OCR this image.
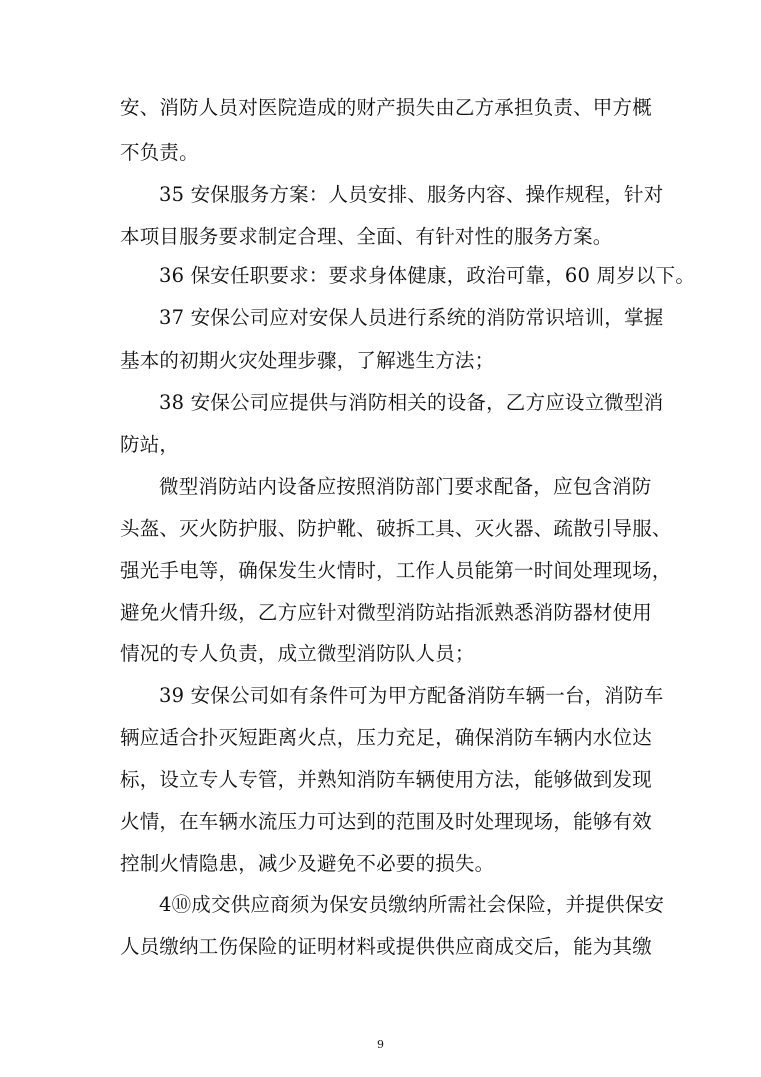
安、消防人员对医院造成的财产损失由乙方承担负责、甲方概
不负责。
35 安保服务方案：人员安排、服务内容、操作规程，针对
本项目服务要求制定合理、全面、有针对性的服务方案。
36 保安任职要求：要求身体健康，政治可靠，60 周岁以下。
37 安保公司应对安保人员进行系统的消防常识培训，掌握
基本的初期火灾处理步骤，了解逃生方法；
38 安保公司应提供与消防相关的设备，乙方应设立微型消
防站，
微型消防站内设备应按照消防部门要求配备，应包含消防
头盔、灭火防护服、防护靴、破拆工具、灭火器、疏散引导服、
强光手电等，确保发生火情时，工作人员能第一时间处理现场，
避免火情升级，乙方应针对微型消防站指派熟悉消防器材使用
情况的专人负责，成立微型消防队人员；
39 安保公司如有条件可为甲方配备消防车辆一台，消防车
辆应适合扑灭短距离火点，压力充足，确保消防车辆内水位达
标，设立专人专管，并熟知消防车辆使用方法，能够做到发现
火情，在车辆水流压力可达到的范围及时处理现场，能够有效
控制火情隐患，减少及避免不必要的损失。
4⑩成交供应商须为保安员缴纳所需社会保险，并提供保安
人员缴纳工伤保险的证明材料或提供供应商成交后，能为其缴
9
